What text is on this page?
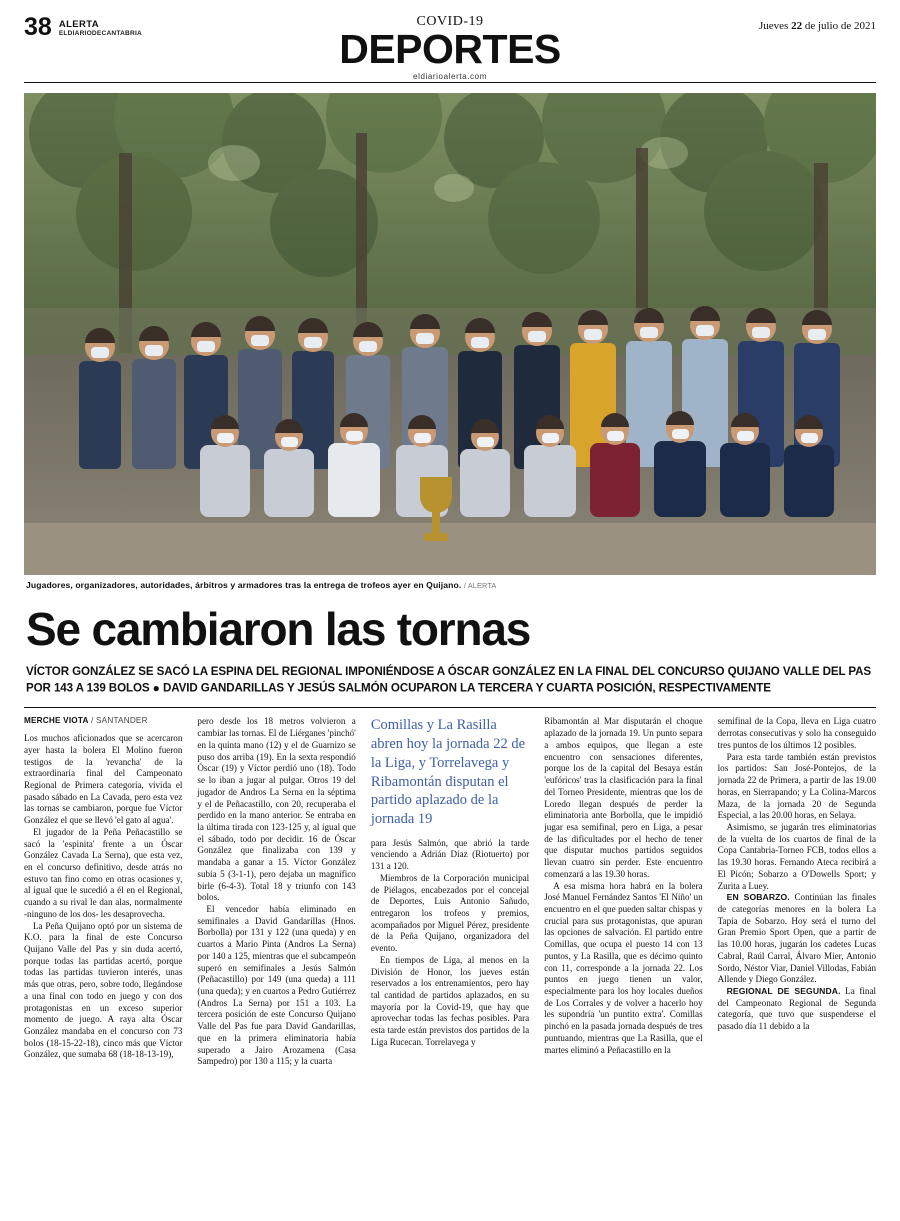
38 ALERTA
ELDIARIODECANTABRIA
COVID-19
DEPORTES
eldiarioalerta.com
Jueves 22 de julio de 2021
Jugadores, organizadores, autoridades, árbitros y armadores tras la entrega de trofeos ayer en Quijano. / ALERTA
Se cambiaron las tornas
VÍCTOR GONZÁLEZ SE SACÓ LA ESPINA DEL REGIONAL IMPONIÉNDOSE A ÓSCAR GONZÁLEZ EN LA FINAL DEL CONCURSO QUIJANO VALLE DEL PAS POR 143 A 139 BOLOS ● DAVID GANDARILLAS Y JESÚS SALMÓN OCUPARON LA TERCERA Y CUARTA POSICIÓN, RESPECTIVAMENTE
MERCHE VIOTA / SANTANDER

Los muchos aficionados que se acercaron ayer hasta la bolera El Molino fueron testigos de la 'revancha' de la extraordinaria final del Campeonato Regional de Primera categoría, vivida el pasado sábado en La Cavada, pero esta vez las tornas se cambiaron, porque fue Víctor González el que se llevó 'el gato al agua'.

El jugador de la Peña Peñacastillo se sacó la 'espinita' frente a un Óscar González Cavada La Serna), que esta vez, en el concurso definitivo, desde atrás no estuvo tan fino como en otras ocasiones y, al igual que le sucedió a él en el Regional, cuando a su rival le dan alas, normalmente -ninguno de los dos- les desaprovecha.

La Peña Quijano optó por un sistema de K.O. para la final de este Concurso Quijano Valle del Pas y sin duda acertó, porque todas las partidas acertó, porque todas las partidas tuvieron interés, unas más que otras, pero, sobre todo, llegándose a una final con todo en juego y con dos protagonistas en un exceso superior momento de juego. A raya alta Óscar González mandaba en el concurso con 73 bolos (18-15-22-18), cinco más que Víctor González, que sumaba 68 (18-18-13-19),

pero desde los 18 metros volvieron a cambiar las tornas. El de Liérganes 'pinchó' en la quinta mano (12) y el de Guarnizo se puso dos arriba (19). En la sexta respondió Óscar (19) y Víctor perdió uno (18). Todo se lo iban a jugar al pulgar. Otros 19 del jugador de Andros La Serna en la séptima y el de Peñacastillo, con 20, recuperaba el perdido en la mano anterior. Se entraba en la última tirada con 123-125 y, al igual que el sábado, todo por decidir. 16 de Óscar González que finalizaba con 139 y mandaba a ganar a 15. Víctor González subía 5 (3-1-1), pero dejaba un magnífico birle (6-4-3). Total 18 y triunfo con 143 bolos.

El vencedor había eliminado en semifinales a David Gandarillas (Hnos. Borbolla) por 131 y 122 (una queda) y en cuartos a Mario Pinta (Andros La Serna) por 140 a 125, mientras que el subcampeón superó en semifinales a Jesús Salmón (Peñacastillo) por 149 (una queda) a 111 (una queda); y en cuartos a Pedro Gutiérrez (Andros La Serna) por 151 a 103. La tercera posición de este Concurso Quijano Valle del Pas fue para David Gandarillas, que en la primera eliminatoria había superado a Jairo Arozamena (Casa Sampedro) por 130 a 115; y la cuarta

Comillas y La Rasilla abren hoy la jornada 22 de la Liga, y Torrelavega y Ribamontán disputan el partido aplazado de la jornada 19

para Jesús Salmón, que abrió la tarde venciendo a Adrián Díaz (Riotuerto) por 131 a 120.

Miembros de la Corporación municipal de Piélagos, encabezados por el concejal de Deportes, Luis Antonio Sañudo, entregaron los trofeos y premios, acompañados por Miguel Pérez, presidente de la Peña Quijano, organizadora del evento.

En tiempos de Liga, al menos en la División de Honor, los jueves están reservados a los entrenamientos, pero hay tal cantidad de partidos aplazados, en su mayoría por la Covid-19, que hay que aprovechar todas las fechas posibles. Para esta tarde están previstos dos partidos de la Liga Rucecan. Torrelavega y

Ribamontán al Mar disputarán el choque aplazado de la jornada 19. Un punto separa a ambos equipos, que llegan a este encuentro con sensaciones diferentes, porque los de la capital del Besaya están 'eufóricos' tras la clasificación para la final del Torneo Presidente, mientras que los de Loredo llegan después de perder la eliminatoria ante Borbolla, que le impidió jugar esa semifinal, pero en Liga, a pesar de las dificultades por el hecho de tener que disputar muchos partidos seguidos llevan cuatro sin perder. Este encuentro comenzará a las 19.30 horas.

A esa misma hora habrá en la bolera José Manuel Fernández Santos 'El Niño' un encuentro en el que pueden saltar chispas y crucial para sus protagonistas, que apuran las opciones de salvación. El partido entre Comillas, que ocupa el puesto 14 con 13 puntos, y La Rasilla, que es décimo quinto con 11, corresponde a la jornada 22. Los puntos en juego tienen un valor, especialmente para los hoy locales dueños de Los Corrales y de volver a hacerlo hoy les supondría 'un puntito extra'. Comillas pinchó en la pasada jornada después de tres puntuando, mientras que La Rasilla, que el martes eliminó a Peñacastillo en la

semifinal de la Copa, lleva en Liga cuatro derrotas consecutivas y solo ha conseguido tres puntos de los últimos 12 posibles.

Para esta tarde también están previstos los partidos: San José-Pontejos, de la jornada 22 de Primera, a partir de las 19.00 horas, en Sierrapando; y La Colina-Marcos Maza, de la jornada 20 de Segunda Especial, a las 20.00 horas, en Selaya.

Asimismo, se jugarán tres eliminatorias de la vuelta de los cuartos de final de la Copa Cantabria-Torneo FCB, todos ellos a las 19.30 horas. Fernando Ateca recibirá a El Picón; Sobarzo a O'Dowells Sport; y Zurita a Luey.

EN SOBARZO. Continúan las finales de categorías menores en la bolera La Tapia de Sobarzo. Hoy será el turno del Gran Premio Sport Open, que a partir de las 10.00 horas, jugarán los cadetes Lucas Cabral, Raúl Carral, Álvaro Mier, Antonio Sordo, Néstor Viar, Daniel Villodas, Fabián Allende y Diego González.

REGIONAL DE SEGUNDA. La final del Campeonato Regional de Segunda categoría, que tuvo que suspenderse el pasado día 11 debido a la
